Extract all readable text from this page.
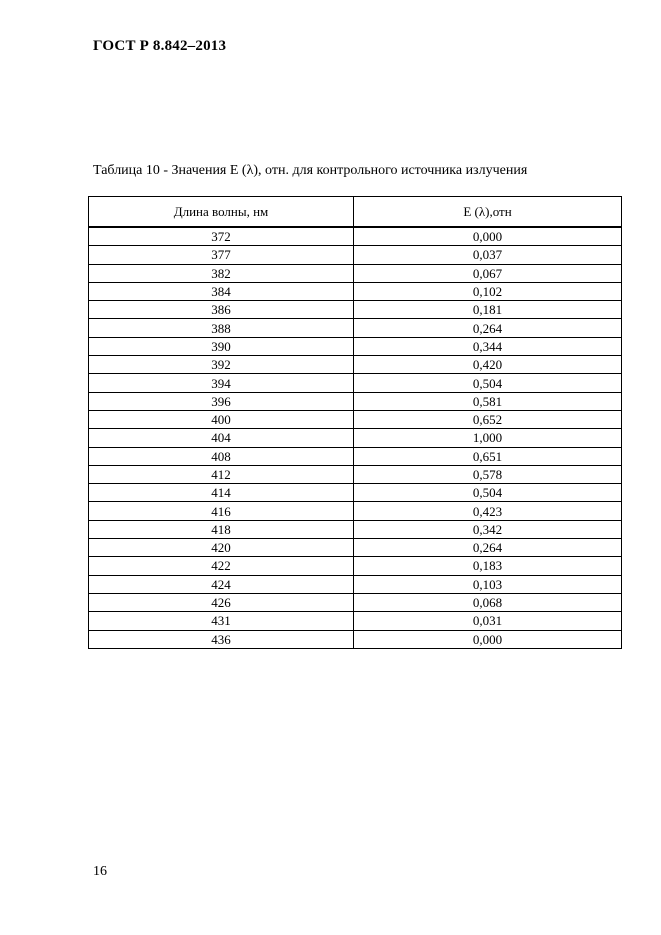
ГОСТ Р 8.842–2013
Таблица 10 - Значения E (λ), отн. для контрольного источника излучения
Длина волны, нм	E (λ),отн
372	0,000
377	0,037
382	0,067
384	0,102
386	0,181
388	0,264
390	0,344
392	0,420
394	0,504
396	0,581
400	0,652
404	1,000
408	0,651
412	0,578
414	0,504
416	0,423
418	0,342
420	0,264
422	0,183
424	0,103
426	0,068
431	0,031
436	0,000
16
